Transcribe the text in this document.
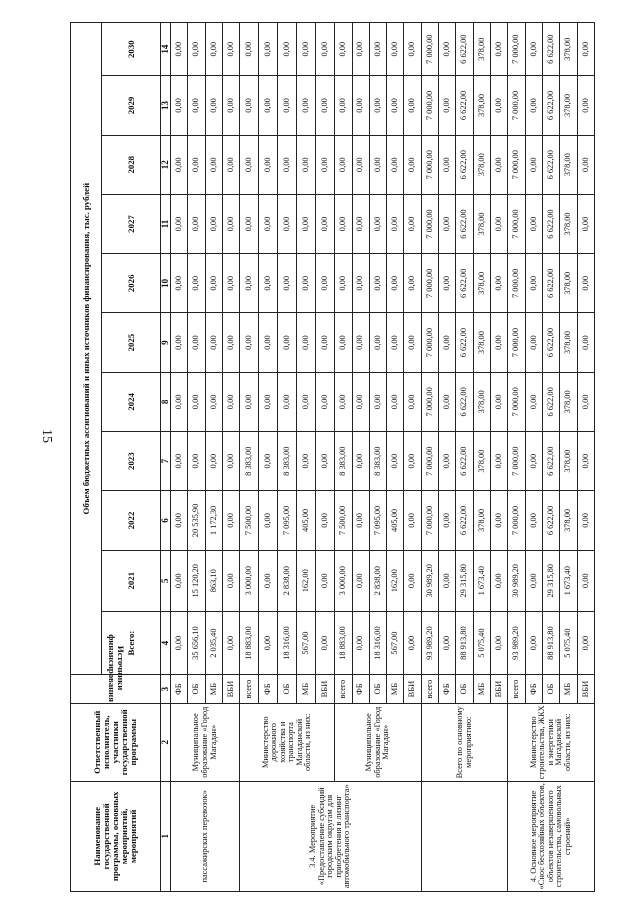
15
Наименование государственной программы, основных мероприятий, мероприятий	Ответственный исполнитель, участники государственной программы	Источники финансирования	Объем бюджетных ассигнований и иных источников финансирования, тыс. рублей										
			Всего:	2021	2022	2023	2024	2025	2026	2027	2028	2029	2030
1	2	3	4	5	6	7	8	9	10	11	12	13	14
пассажирских перевозок»	Муниципальное образование «Город Магадан»	ФБ	0,00	0,00	0,00	0,00	0,00	0,00	0,00	0,00	0,00	0,00	0,00
		ОБ	35 656,10	15 120,20	20 535,90	0,00	0,00	0,00	0,00	0,00	0,00	0,00	0,00
		МБ	2 035,40	863,10	1 172,30	0,00	0,00	0,00	0,00	0,00	0,00	0,00	0,00
		ВБИ	0,00	0,00	0,00	0,00	0,00	0,00	0,00	0,00	0,00	0,00	0,00
3.4. Мероприятие «Предоставление субсидий городским округам для приобретения в лизинг автомобильного транспорта»	Министерство дорожного хозяйства и транспорта Магаданской области, из них:	всего	18 883,00	3 000,00	7 500,00	8 383,00	0,00	0,00	0,00	0,00	0,00	0,00	0,00
		ФБ	0,00	0,00	0,00	0,00	0,00	0,00	0,00	0,00	0,00	0,00	0,00
		ОБ	18 316,00	2 838,00	7 095,00	8 383,00	0,00	0,00	0,00	0,00	0,00	0,00	0,00
		МБ	567,00	162,00	405,00	0,00	0,00	0,00	0,00	0,00	0,00	0,00	0,00
		ВБИ	0,00	0,00	0,00	0,00	0,00	0,00	0,00	0,00	0,00	0,00	0,00
	Муниципальное образование «Город Магадан»	всего	18 883,00	3 000,00	7 500,00	8 383,00	0,00	0,00	0,00	0,00	0,00	0,00	0,00
		ФБ	0,00	0,00	0,00	0,00	0,00	0,00	0,00	0,00	0,00	0,00	0,00
		ОБ	18 316,00	2 838,00	7 095,00	8 383,00	0,00	0,00	0,00	0,00	0,00	0,00	0,00
		МБ	567,00	162,00	405,00	0,00	0,00	0,00	0,00	0,00	0,00	0,00	0,00
		ВБИ	0,00	0,00	0,00	0,00	0,00	0,00	0,00	0,00	0,00	0,00	0,00
	Всего по основному мероприятию:	всего	93 989,20	30 989,20	7 000,00	7 000,00	7 000,00	7 000,00	7 000,00	7 000,00	7 000,00	7 000,00	7 000,00
		ФБ	0,00	0,00	0,00	0,00	0,00	0,00	0,00	0,00	0,00	0,00	0,00
		ОБ	88 913,80	29 315,80	6 622,00	6 622,00	6 622,00	6 622,00	6 622,00	6 622,00	6 622,00	6 622,00	6 622,00
		МБ	5 075,40	1 673,40	378,00	378,00	378,00	378,00	378,00	378,00	378,00	378,00	378,00
		ВБИ	0,00	0,00	0,00	0,00	0,00	0,00	0,00	0,00	0,00	0,00	0,00
4. Основное мероприятие «Снос бесхозяйных объектов, объектов незавершенного строительства, самовольных строений»	Министерство строительства, ЖКХ и энергетики Магаданской области, из них:	всего	93 989,20	30 989,20	7 000,00	7 000,00	7 000,00	7 000,00	7 000,00	7 000,00	7 000,00	7 000,00	7 000,00
		ФБ	0,00	0,00	0,00	0,00	0,00	0,00	0,00	0,00	0,00	0,00	0,00
		ОБ	88 913,80	29 315,80	6 622,00	6 622,00	6 622,00	6 622,00	6 622,00	6 622,00	6 622,00	6 622,00	6 622,00
		МБ	5 075,40	1 673,40	378,00	378,00	378,00	378,00	378,00	378,00	378,00	378,00	378,00
		ВБИ	0,00	0,00	0,00	0,00	0,00	0,00	0,00	0,00	0,00	0,00	0,00
